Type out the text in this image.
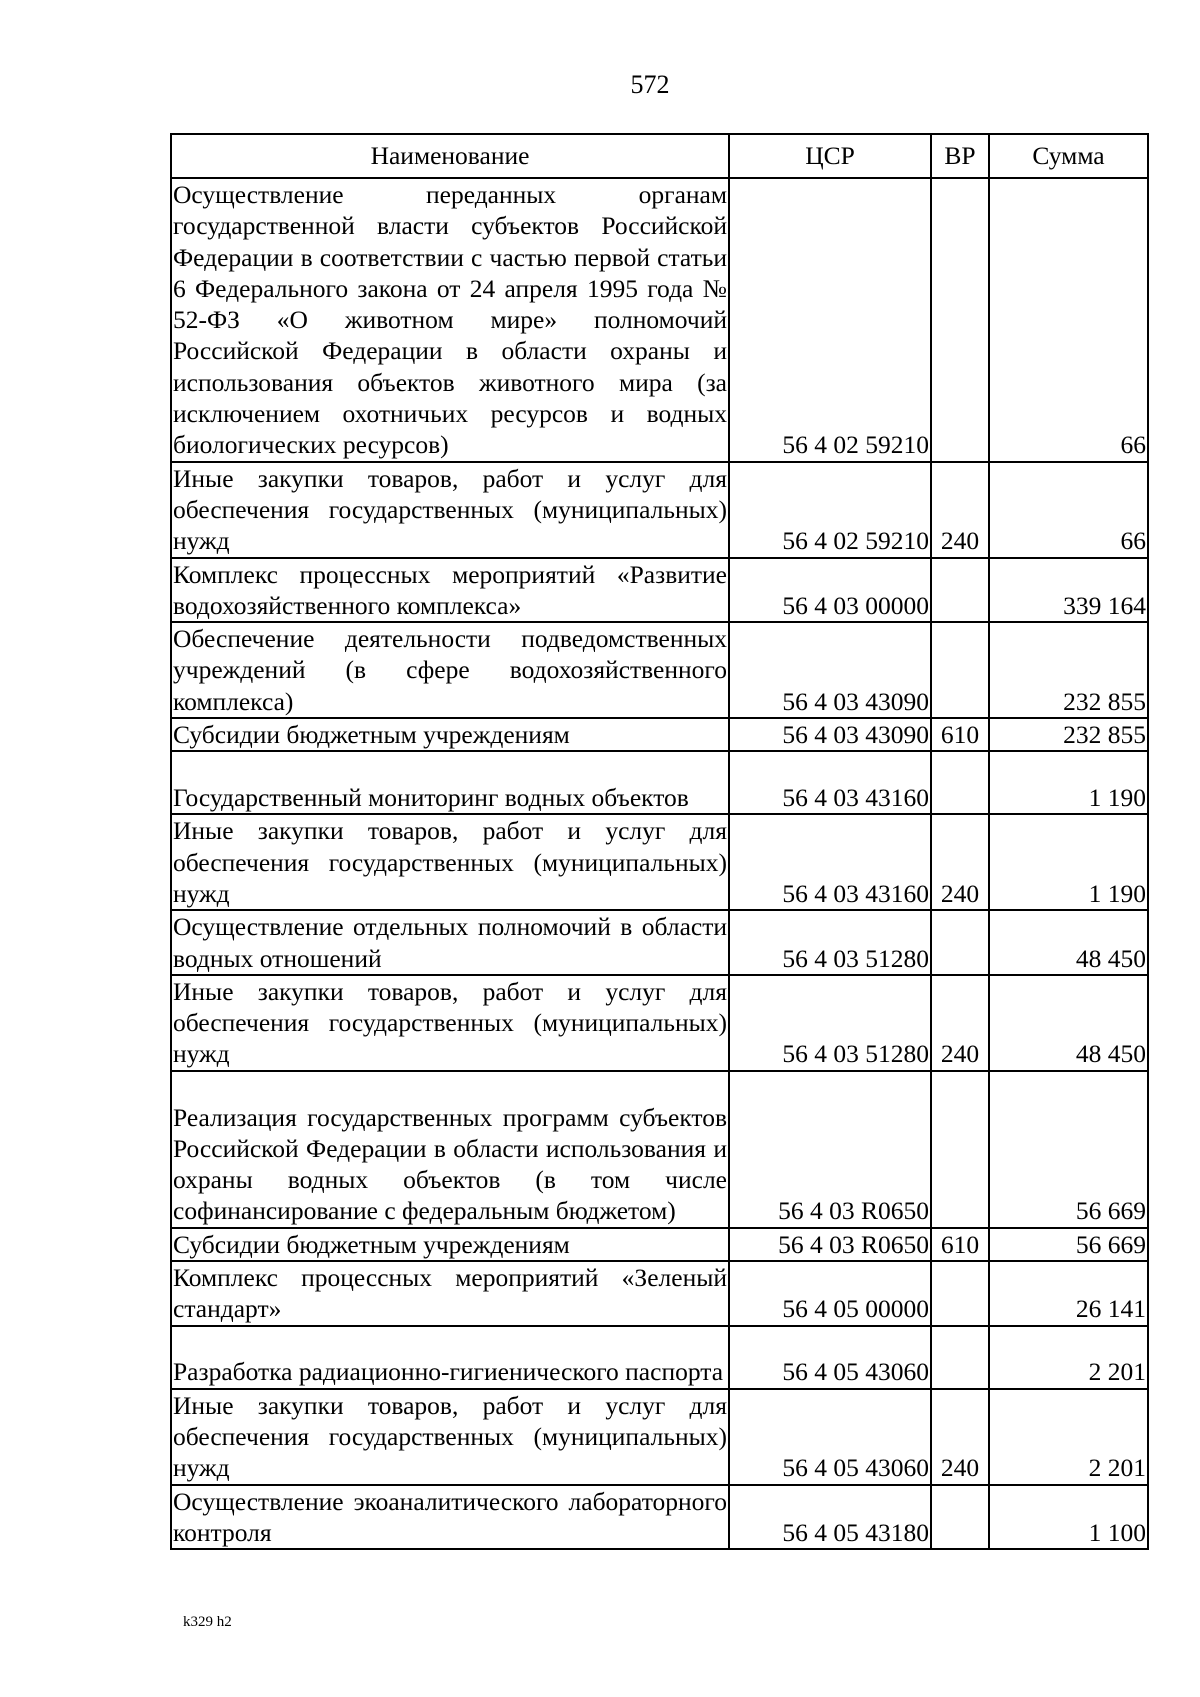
572
Наименование	ЦСР	ВР	Сумма
Осуществление переданных органам государственной власти субъектов Российской Федерации в соответствии с частью первой статьи 6 Федерального закона от 24 апреля 1995 года № 52-ФЗ «О животном мире» полномочий Российской Федерации в области охраны и использования объектов животного мира (за исключением охотничьих ресурсов и водных биологических ресурсов)	56 4 02 59210		66
Иные закупки товаров, работ и услуг для обеспечения государственных (муниципальных) нужд	56 4 02 59210	240	66
Комплекс процессных мероприятий «Развитие водохозяйственного комплекса»	56 4 03 00000		339 164
Обеспечение деятельности подведомственных учреждений (в сфере водохозяйственного комплекса)	56 4 03 43090		232 855
Субсидии бюджетным учреждениям	56 4 03 43090	610	232 855
Государственный мониторинг водных объектов	56 4 03 43160		1 190
Иные закупки товаров, работ и услуг для обеспечения государственных (муниципальных) нужд	56 4 03 43160	240	1 190
Осуществление отдельных полномочий в области водных отношений	56 4 03 51280		48 450
Иные закупки товаров, работ и услуг для обеспечения государственных (муниципальных) нужд	56 4 03 51280	240	48 450
Реализация государственных программ субъектов Российской Федерации в области использования и охраны водных объектов (в том числе софинансирование с федеральным бюджетом)	56 4 03 R0650		56 669
Субсидии бюджетным учреждениям	56 4 03 R0650	610	56 669
Комплекс процессных мероприятий «Зеленый стандарт»	56 4 05 00000		26 141
Разработка радиационно-гигиенического паспорта	56 4 05 43060		2 201
Иные закупки товаров, работ и услуг для обеспечения государственных (муниципальных) нужд	56 4 05 43060	240	2 201
Осуществление экоаналитического лабораторного контроля	56 4 05 43180		1 100
k329 h2
